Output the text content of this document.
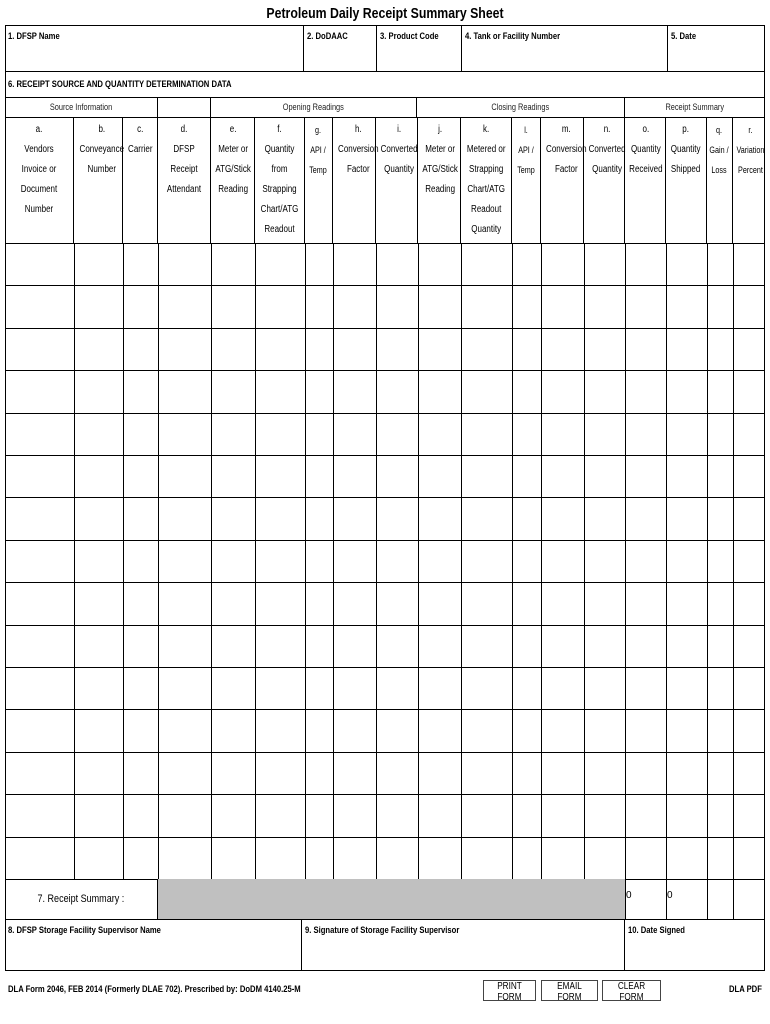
Petroleum Daily Receipt Summary Sheet
1. DFSP Name	2. DoDAAC	3. Product Code	4. Tank or Facility Number	5. Date
6. RECEIPT SOURCE AND QUANTITY DETERMINATION DATA
Source Information	Opening Readings	Closing Readings	Receipt Summary
a.
Vendors Invoice or
Document
Number
b.
Conveyance
Number
c.
Carrier
d.
DFSP Receipt
Attendant
e.
Meter or
ATG/Stick
Reading
f.
Quantity from
Strapping
Chart/ATG
Readout
g.
API /
Temp
h.
Conversion
Factor
i.
Converted
Quantity
j.
Meter or
ATG/Stick
Reading
k.
Metered or
Strapping
Chart/ATG
Readout
Quantity
l.
API /
Temp
m.
Conversion
Factor
n.
Converted
Quantity
o.
Quantity
Received
p.
Quantity
Shipped
q.
Gain /
Loss
r.
Variation
Percent
7. Receipt Summary :	0	0
8. DFSP Storage Facility Supervisor Name	9. Signature of Storage Facility Supervisor	10. Date Signed
DLA Form 2046, FEB 2014 (Formerly DLAE 702). Prescribed by: DoDM 4140.25-M	PRINT FORM
EMAIL FORM
CLEAR FORM
DLA PDF
